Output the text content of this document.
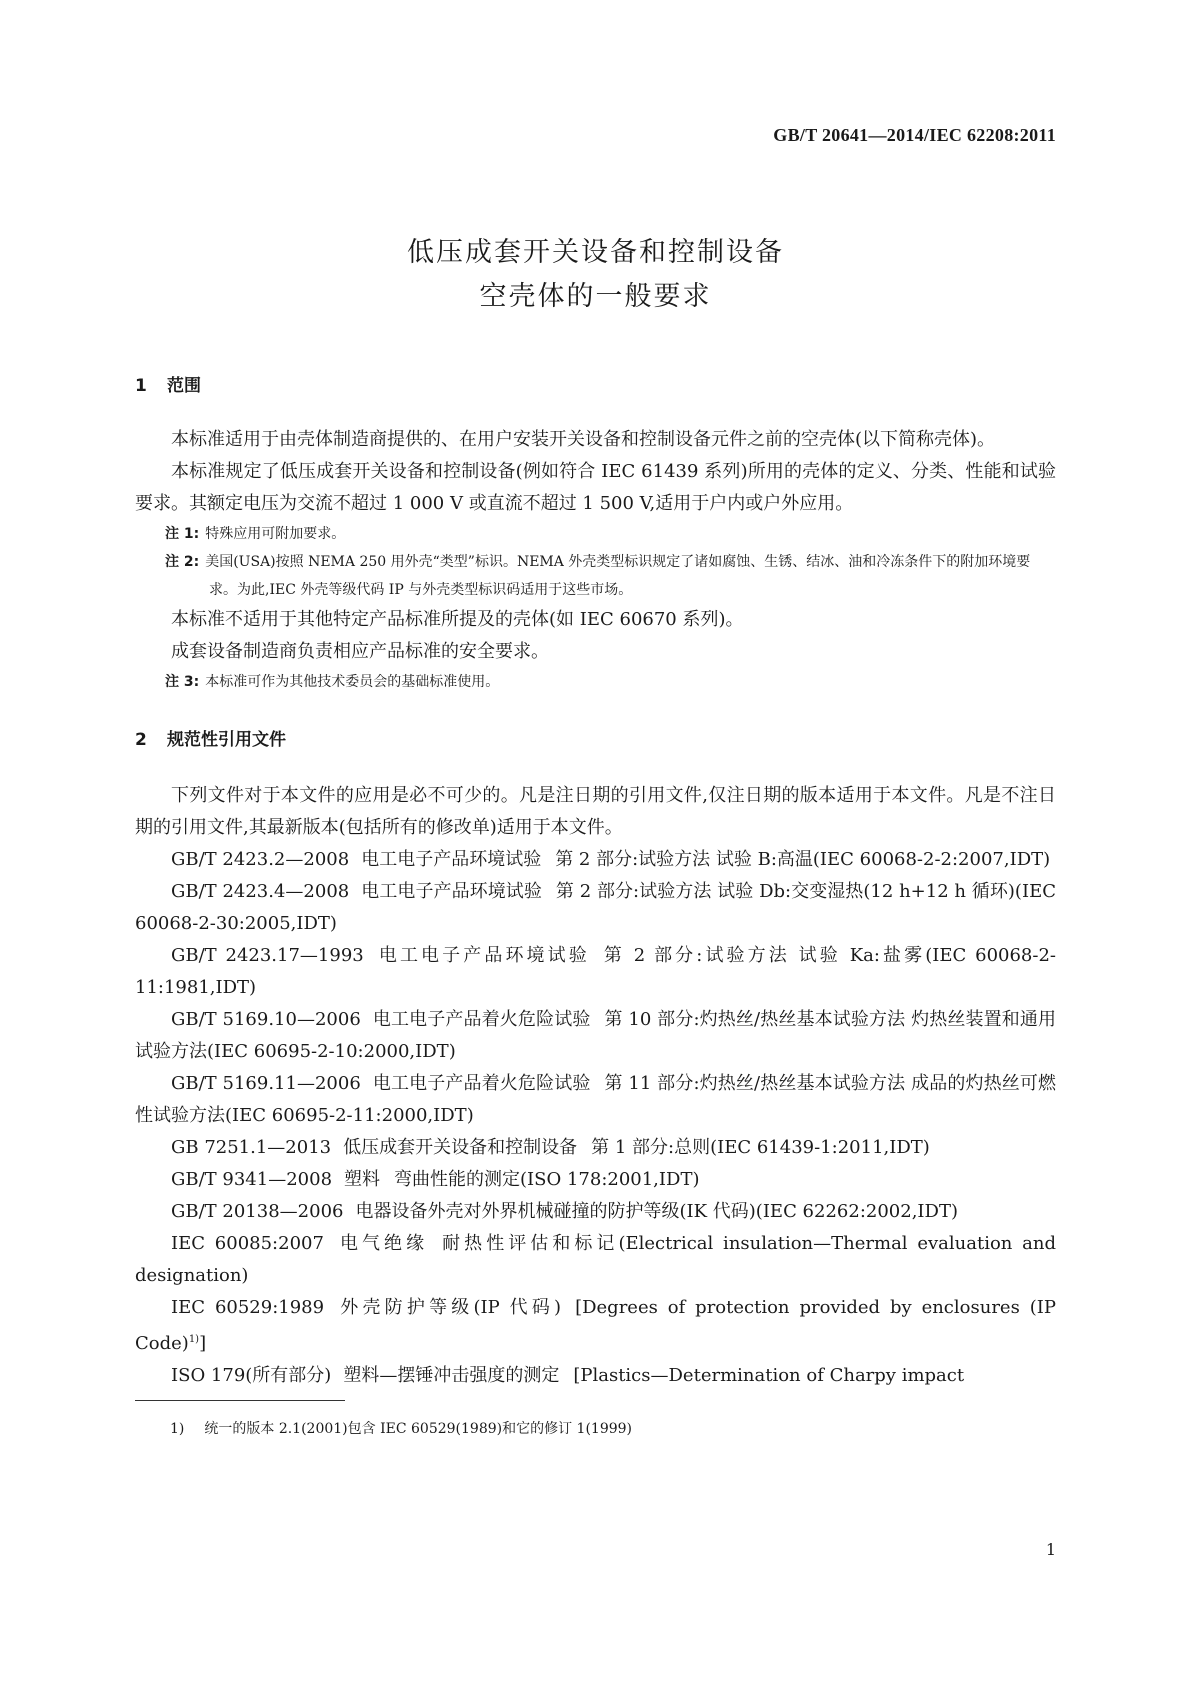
GB/T 20641—2014/IEC 62208:2011
低压成套开关设备和控制设备
空壳体的一般要求
1 范围

本标准适用于由壳体制造商提供的、在用户安装开关设备和控制设备元件之前的空壳体(以下简称壳体)。

本标准规定了低压成套开关设备和控制设备(例如符合 IEC 61439 系列)所用的壳体的定义、分类、性能和试验要求。其额定电压为交流不超过 1 000 V 或直流不超过 1 500 V,适用于户内或户外应用。

注 1: 特殊应用可附加要求。

注 2: 美国(USA)按照 NEMA 250 用外壳“类型”标识。NEMA 外壳类型标识规定了诸如腐蚀、生锈、结冰、油和冷冻条件下的附加环境要求。为此,IEC 外壳等级代码 IP 与外壳类型标识码适用于这些市场。

本标准不适用于其他特定产品标准所提及的壳体(如 IEC 60670 系列)。

成套设备制造商负责相应产品标准的安全要求。

注 3: 本标准可作为其他技术委员会的基础标准使用。

2 规范性引用文件

下列文件对于本文件的应用是必不可少的。凡是注日期的引用文件,仅注日期的版本适用于本文件。凡是不注日期的引用文件,其最新版本(包括所有的修改单)适用于本文件。

GB/T 2423.2—2008 电工电子产品环境试验 第 2 部分:试验方法 试验 B:高温(IEC 60068-2-2:2007,IDT)

GB/T 2423.4—2008 电工电子产品环境试验 第 2 部分:试验方法 试验 Db:交变湿热(12 h+12 h 循环)(IEC 60068-2-30:2005,IDT)

GB/T 2423.17—1993 电工电子产品环境试验 第 2 部分:试验方法 试验 Ka:盐雾(IEC 60068-2-11:1981,IDT)

GB/T 5169.10—2006 电工电子产品着火危险试验 第 10 部分:灼热丝/热丝基本试验方法 灼热丝装置和通用试验方法(IEC 60695-2-10:2000,IDT)

GB/T 5169.11—2006 电工电子产品着火危险试验 第 11 部分:灼热丝/热丝基本试验方法 成品的灼热丝可燃性试验方法(IEC 60695-2-11:2000,IDT)

GB 7251.1—2013 低压成套开关设备和控制设备 第 1 部分:总则(IEC 61439-1:2011,IDT)

GB/T 9341—2008 塑料 弯曲性能的测定(ISO 178:2001,IDT)

GB/T 20138—2006 电器设备外壳对外界机械碰撞的防护等级(IK 代码)(IEC 62262:2002,IDT)

IEC 60085:2007 电气绝缘 耐热性评估和标记(Electrical insulation—Thermal evaluation and designation)

IEC 60529:1989 外壳防护等级(IP 代码) [Degrees of protection provided by enclosures (IP Code)$^{1)}$]

ISO 179(所有部分) 塑料—摆锤冲击强度的测定 [Plastics—Determination of Charpy impact

1) 统一的版本 2.1(2001)包含 IEC 60529(1989)和它的修订 1(1999)
1
